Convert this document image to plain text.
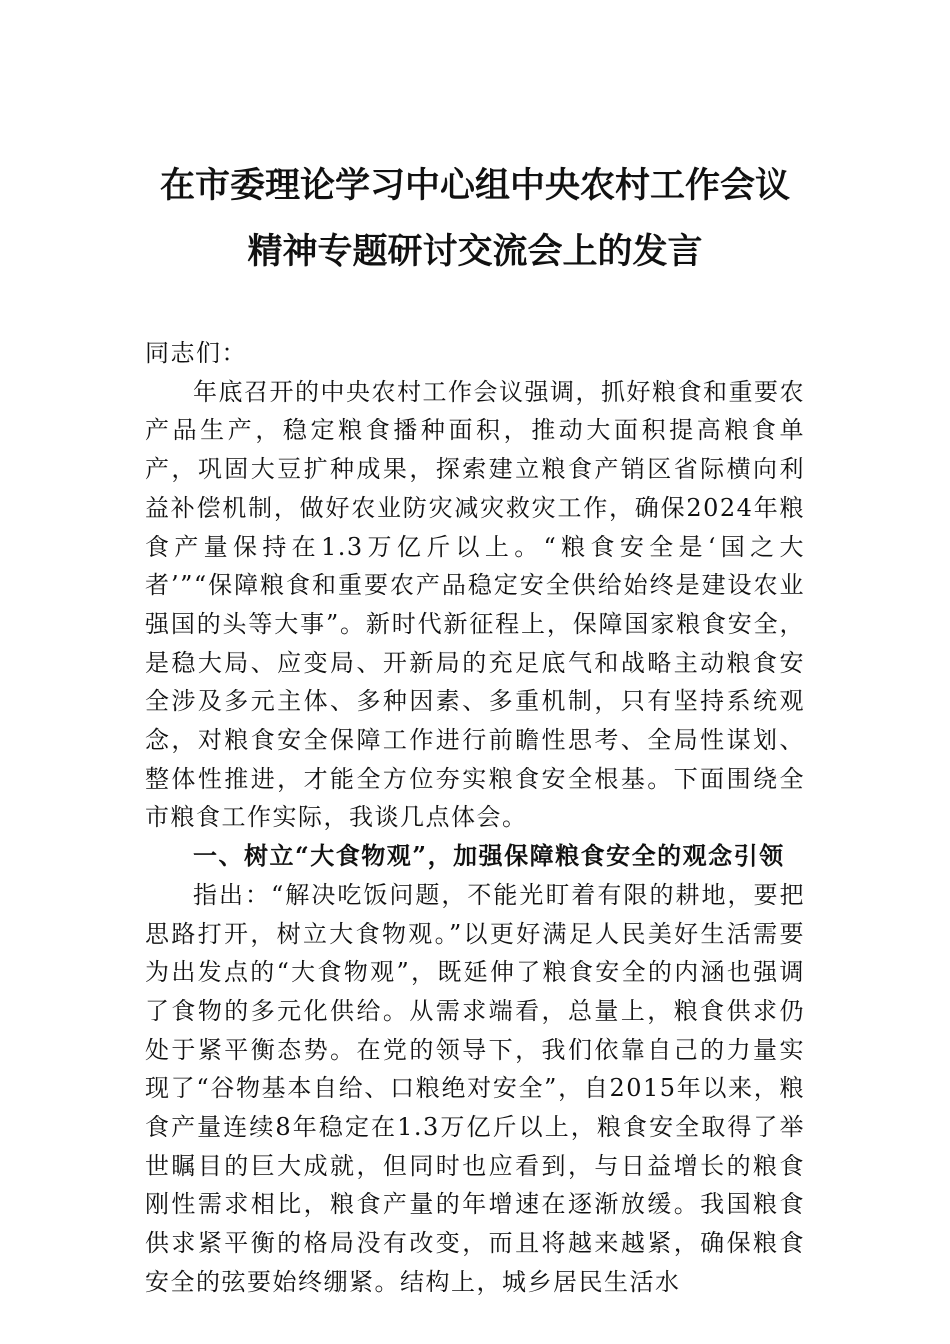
在市委理论学习中心组中央农村工作会议
精神专题研讨交流会上的发言

同志们：

年底召开的中央农村工作会议强调，抓好粮食和重要农产品生产，稳定粮食播种面积，推动大面积提高粮食单产，巩固大豆扩种成果，探索建立粮食产销区省际横向利益补偿机制，做好农业防灾减灾救灾工作，确保2024年粮食产量保持在1.3万亿斤以上。“粮食安全是‘国之大者’”“保障粮食和重要农产品稳定安全供给始终是建设农业强国的头等大事”。新时代新征程上，保障国家粮食安全，是稳大局、应变局、开新局的充足底气和战略主动粮食安全涉及多元主体、多种因素、多重机制，只有坚持系统观念，对粮食安全保障工作进行前瞻性思考、全局性谋划、整体性推进，才能全方位夯实粮食安全根基。下面围绕全市粮食工作实际，我谈几点体会。

一、树立“大食物观”，加强保障粮食安全的观念引领

指出：“解决吃饭问题，不能光盯着有限的耕地，要把思路打开，树立大食物观。”以更好满足人民美好生活需要为出发点的“大食物观”，既延伸了粮食安全的内涵也强调了食物的多元化供给。从需求端看，总量上，粮食供求仍处于紧平衡态势。在党的领导下，我们依靠自己的力量实现了“谷物基本自给、口粮绝对安全”，自2015年以来，粮食产量连续8年稳定在1.3万亿斤以上，粮食安全取得了举世瞩目的巨大成就，但同时也应看到，与日益增长的粮食刚性需求相比，粮食产量的年增速在逐渐放缓。我国粮食供求紧平衡的格局没有改变，而且将越来越紧，确保粮食安全的弦要始终绷紧。结构上，城乡居民生活水
